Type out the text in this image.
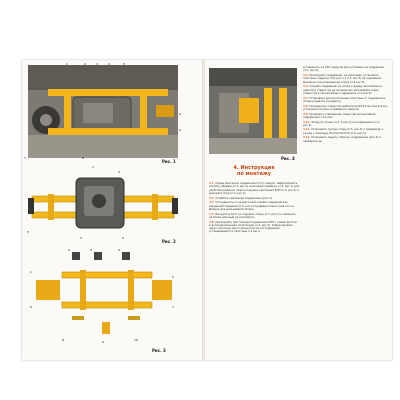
Рис. 1
1	2	3	4	5
6
7	8
9
Рис. 2
1
2
3	4
5
Рис. 3
1
2	3	4
5
6	7
8	9	10
Рис. 4
4. Инструкция
по монтажу

4.1. Перед монтажом подрамника (п.5) следует зафиксировать коробку передач (п.3, рис.1) штатными траверсы (п.3, рис.1) для удобства разборки сборки подушек крепления КПП (п.3, рис.1) и домкрата опор (п.3, рис.2)

4.2. Ослабить крепление подрамника (рис.4)

4.3. Отсоединить от раздаточной коробки передний вал карданной передачи (п.5, рис.2) предварительно сняв его на фланце для дальнейшей сборки.

4.4. Выкрутить болт из подушки опоры (п.3, рис.1) и заменить на более длинный из комплекта.

4.5. Приподнять при помощи подъёмника КПП с новым болтом и дополнительными пластинами (п.4, рис.3). Зафиксировать через пластины при помощи болтов; на подрамник устанавливаются пластины п.2 рис.2

и повернуть на 180 градусов для установки на подрамник (п.1, рис.2).

4.5. Приподнять подрамник, не затягивая, установить пластины поддона (п.8, рис.1 и п.3, рис.3) на подрамник временно смонтированную опору (п.9 рис.3).

4.6. Поднять подрамник до упора к днищу автомобиля и наметить отверстия на лонжеронах автомобиля через отверстия в кронштейнах подрамника (п.2 рис.3).

4.7. Установить дополнительные пластины от подрамника, опоры раздатки и раздатку.

4.8. Рассверлить отверстия диаметром Ø14,5 мм под втулку, установить втулки и приварить сваркой.

4.9. Проверить совпадение отверстий кронштейнов подрамника и втулок.

4.10. Затянуть опоры (п.2, 4 рис.2) на подрамнике (п.1, рис.3).

4.11. Установить третью опору (п.5, рис.3) и подрамник к кузову с помощью болтов M12x75 (п.6, рис.3).

4.12. Установить защиту «броню» подрамника (рис.4) и приварить ее.
